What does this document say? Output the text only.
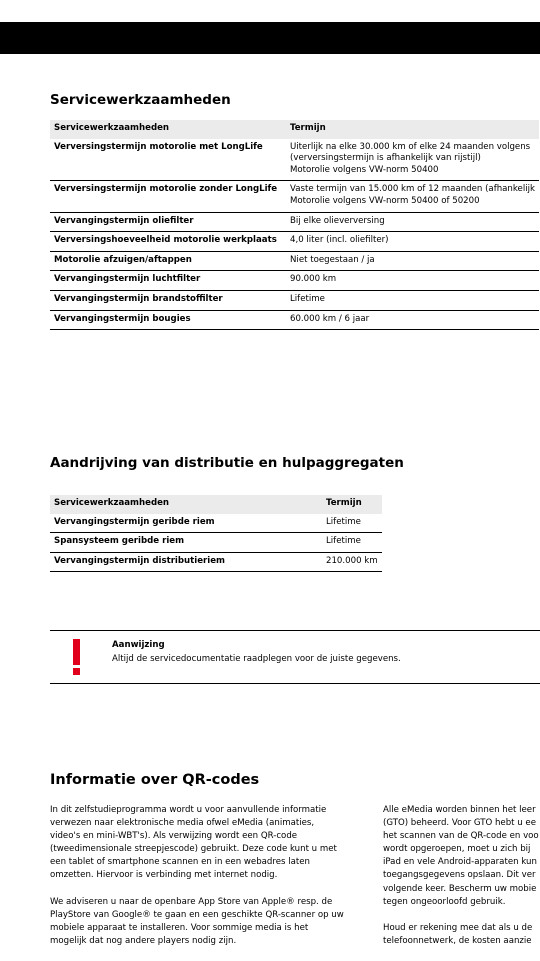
Servicewerkzaamheden
Servicewerkzaamheden	Termijn
Verversingstermijn motorolie met LongLife	Uiterlijk na elke 30.000 km of elke 24 maanden volgens
(verversingstermijn is afhankelijk van rijstijl)
Motorolie volgens VW-norm 50400
Verversingstermijn motorolie zonder LongLife	Vaste termijn van 15.000 km of 12 maanden (afhankelijk
Motorolie volgens VW-norm 50400 of 50200
Vervangingstermijn oliefilter	Bij elke olieverversing
Verversingshoeveelheid motorolie werkplaats	4,0 liter (incl. oliefilter)
Motorolie afzuigen/aftappen	Niet toegestaan / ja
Vervangingstermijn luchtfilter	90.000 km
Vervangingstermijn brandstoffilter	Lifetime
Vervangingstermijn bougies	60.000 km / 6 jaar
Aandrijving van distributie en hulpaggregaten
Servicewerkzaamheden	Termijn
Vervangingstermijn geribde riem	Lifetime
Spansysteem geribde riem	Lifetime
Vervangingstermijn distributieriem	210.000 km
Aanwijzing
Altijd de servicedocumentatie raadplegen voor de juiste gegevens.
Informatie over QR-codes

In dit zelfstudieprogramma wordt u voor aanvullende informatie
verwezen naar elektronische media ofwel eMedia (animaties,
video's en mini-WBT's). Als verwijzing wordt een QR-code
(tweedimensionale streepjescode) gebruikt. Deze code kunt u met
een tablet of smartphone scannen en in een webadres laten
omzetten. Hiervoor is verbinding met internet nodig.

We adviseren u naar de openbare App Store van Apple® resp. de
PlayStore van Google® te gaan en een geschikte QR-scanner op uw
mobiele apparaat te installeren. Voor sommige media is het
mogelijk dat nog andere players nodig zijn.

Alle eMedia worden binnen het leer
(GTO) beheerd. Voor GTO hebt u ee
het scannen van de QR-code en voo
wordt opgeroepen, moet u zich bij
iPad en vele Android-apparaten kun
toegangsgegevens opslaan. Dit ver
volgende keer. Bescherm uw mobie
tegen ongeoorloofd gebruik.

Houd er rekening mee dat als u de
telefoonnetwerk, de kosten aanzie
